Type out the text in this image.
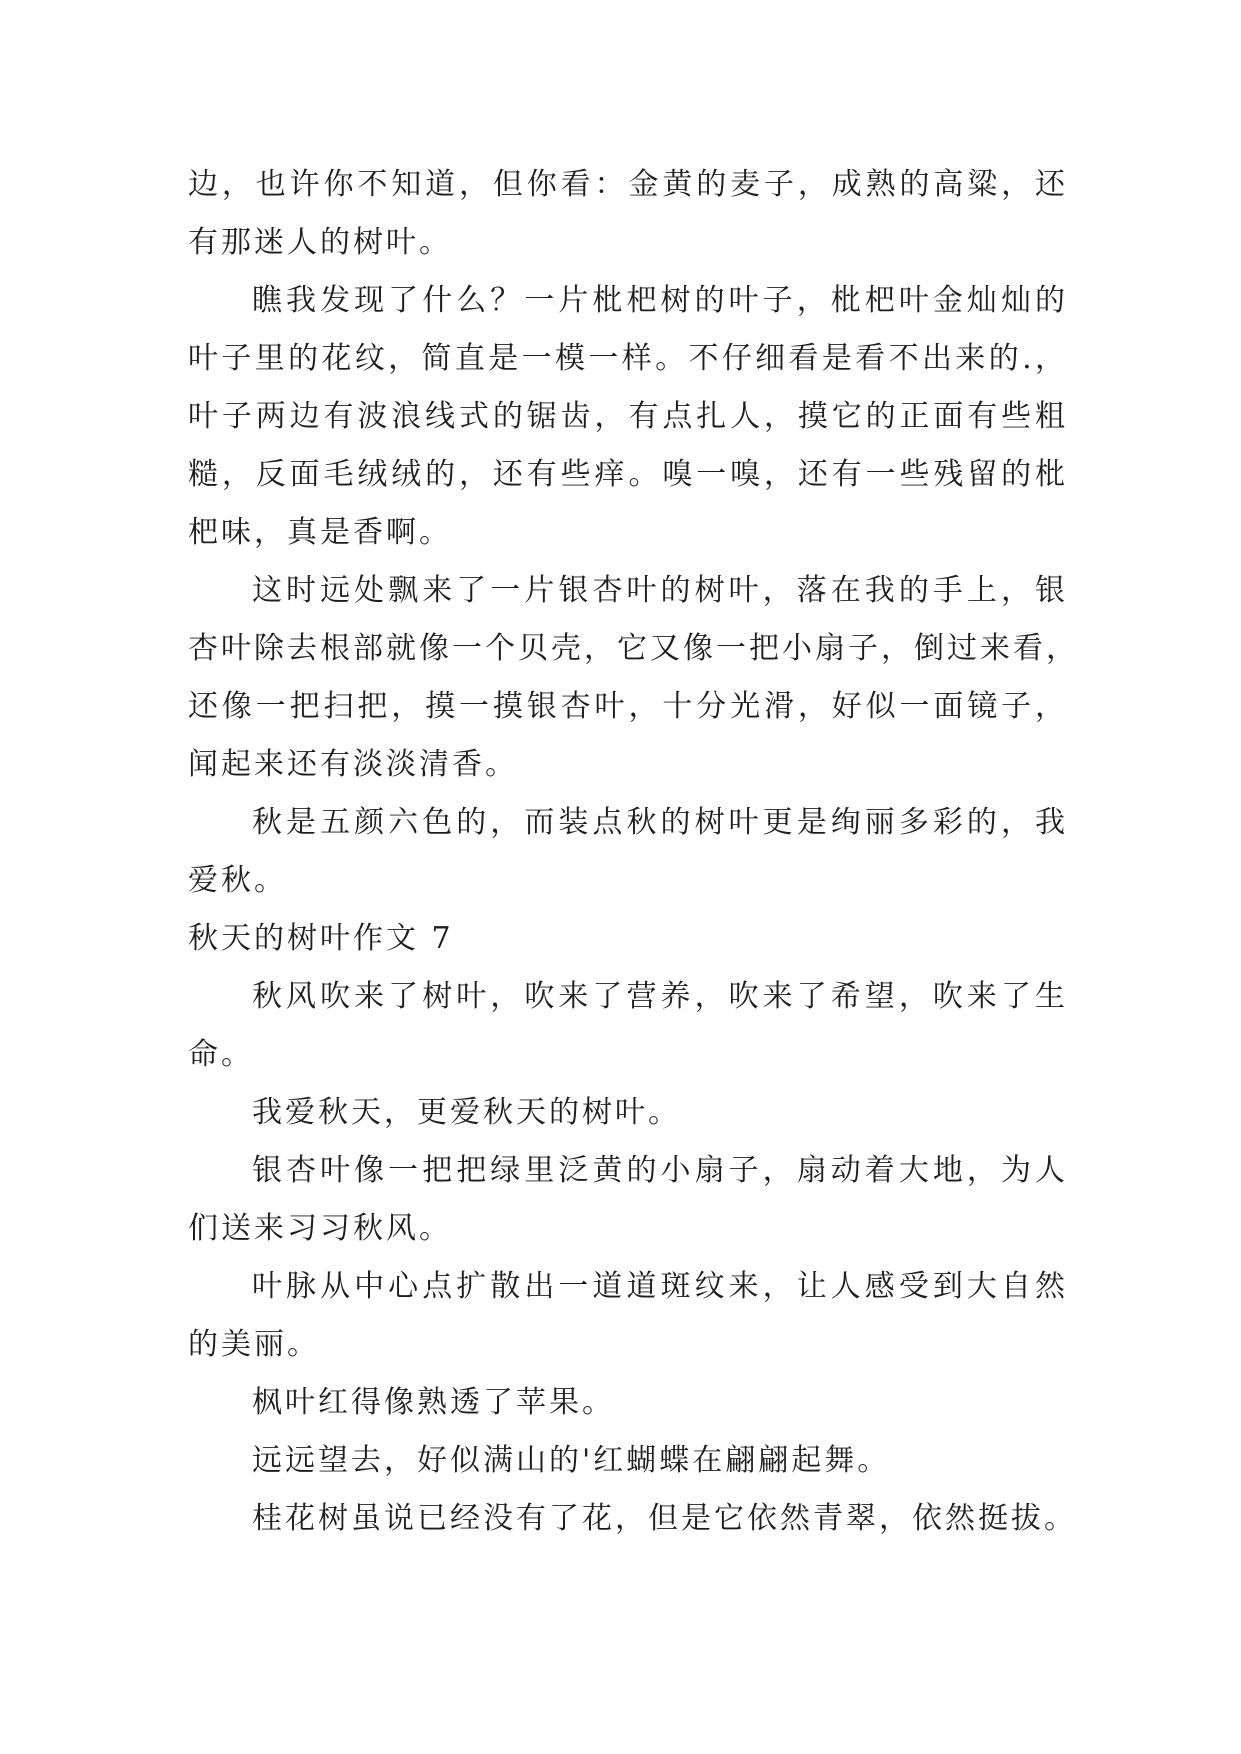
边，也许你不知道，但你看：金黄的麦子，成熟的高粱，还
有那迷人的树叶。
瞧我发现了什么？一片枇杷树的叶子，枇杷叶金灿灿的
叶子里的花纹，简直是一模一样。不仔细看是看不出来的.，
叶子两边有波浪线式的锯齿，有点扎人，摸它的正面有些粗
糙，反面毛绒绒的，还有些痒。嗅一嗅，还有一些残留的枇
杷味，真是香啊。
这时远处飘来了一片银杏叶的树叶，落在我的手上，银
杏叶除去根部就像一个贝壳，它又像一把小扇子，倒过来看，
还像一把扫把，摸一摸银杏叶，十分光滑，好似一面镜子，
闻起来还有淡淡清香。
秋是五颜六色的，而装点秋的树叶更是绚丽多彩的，我
爱秋。
秋天的树叶作文 7
秋风吹来了树叶，吹来了营养，吹来了希望，吹来了生
命。
我爱秋天，更爱秋天的树叶。
银杏叶像一把把绿里泛黄的小扇子，扇动着大地，为人
们送来习习秋风。
叶脉从中心点扩散出一道道斑纹来，让人感受到大自然
的美丽。
枫叶红得像熟透了苹果。
远远望去，好似满山的'红蝴蝶在翩翩起舞。
桂花树虽说已经没有了花，但是它依然青翠，依然挺拔。
